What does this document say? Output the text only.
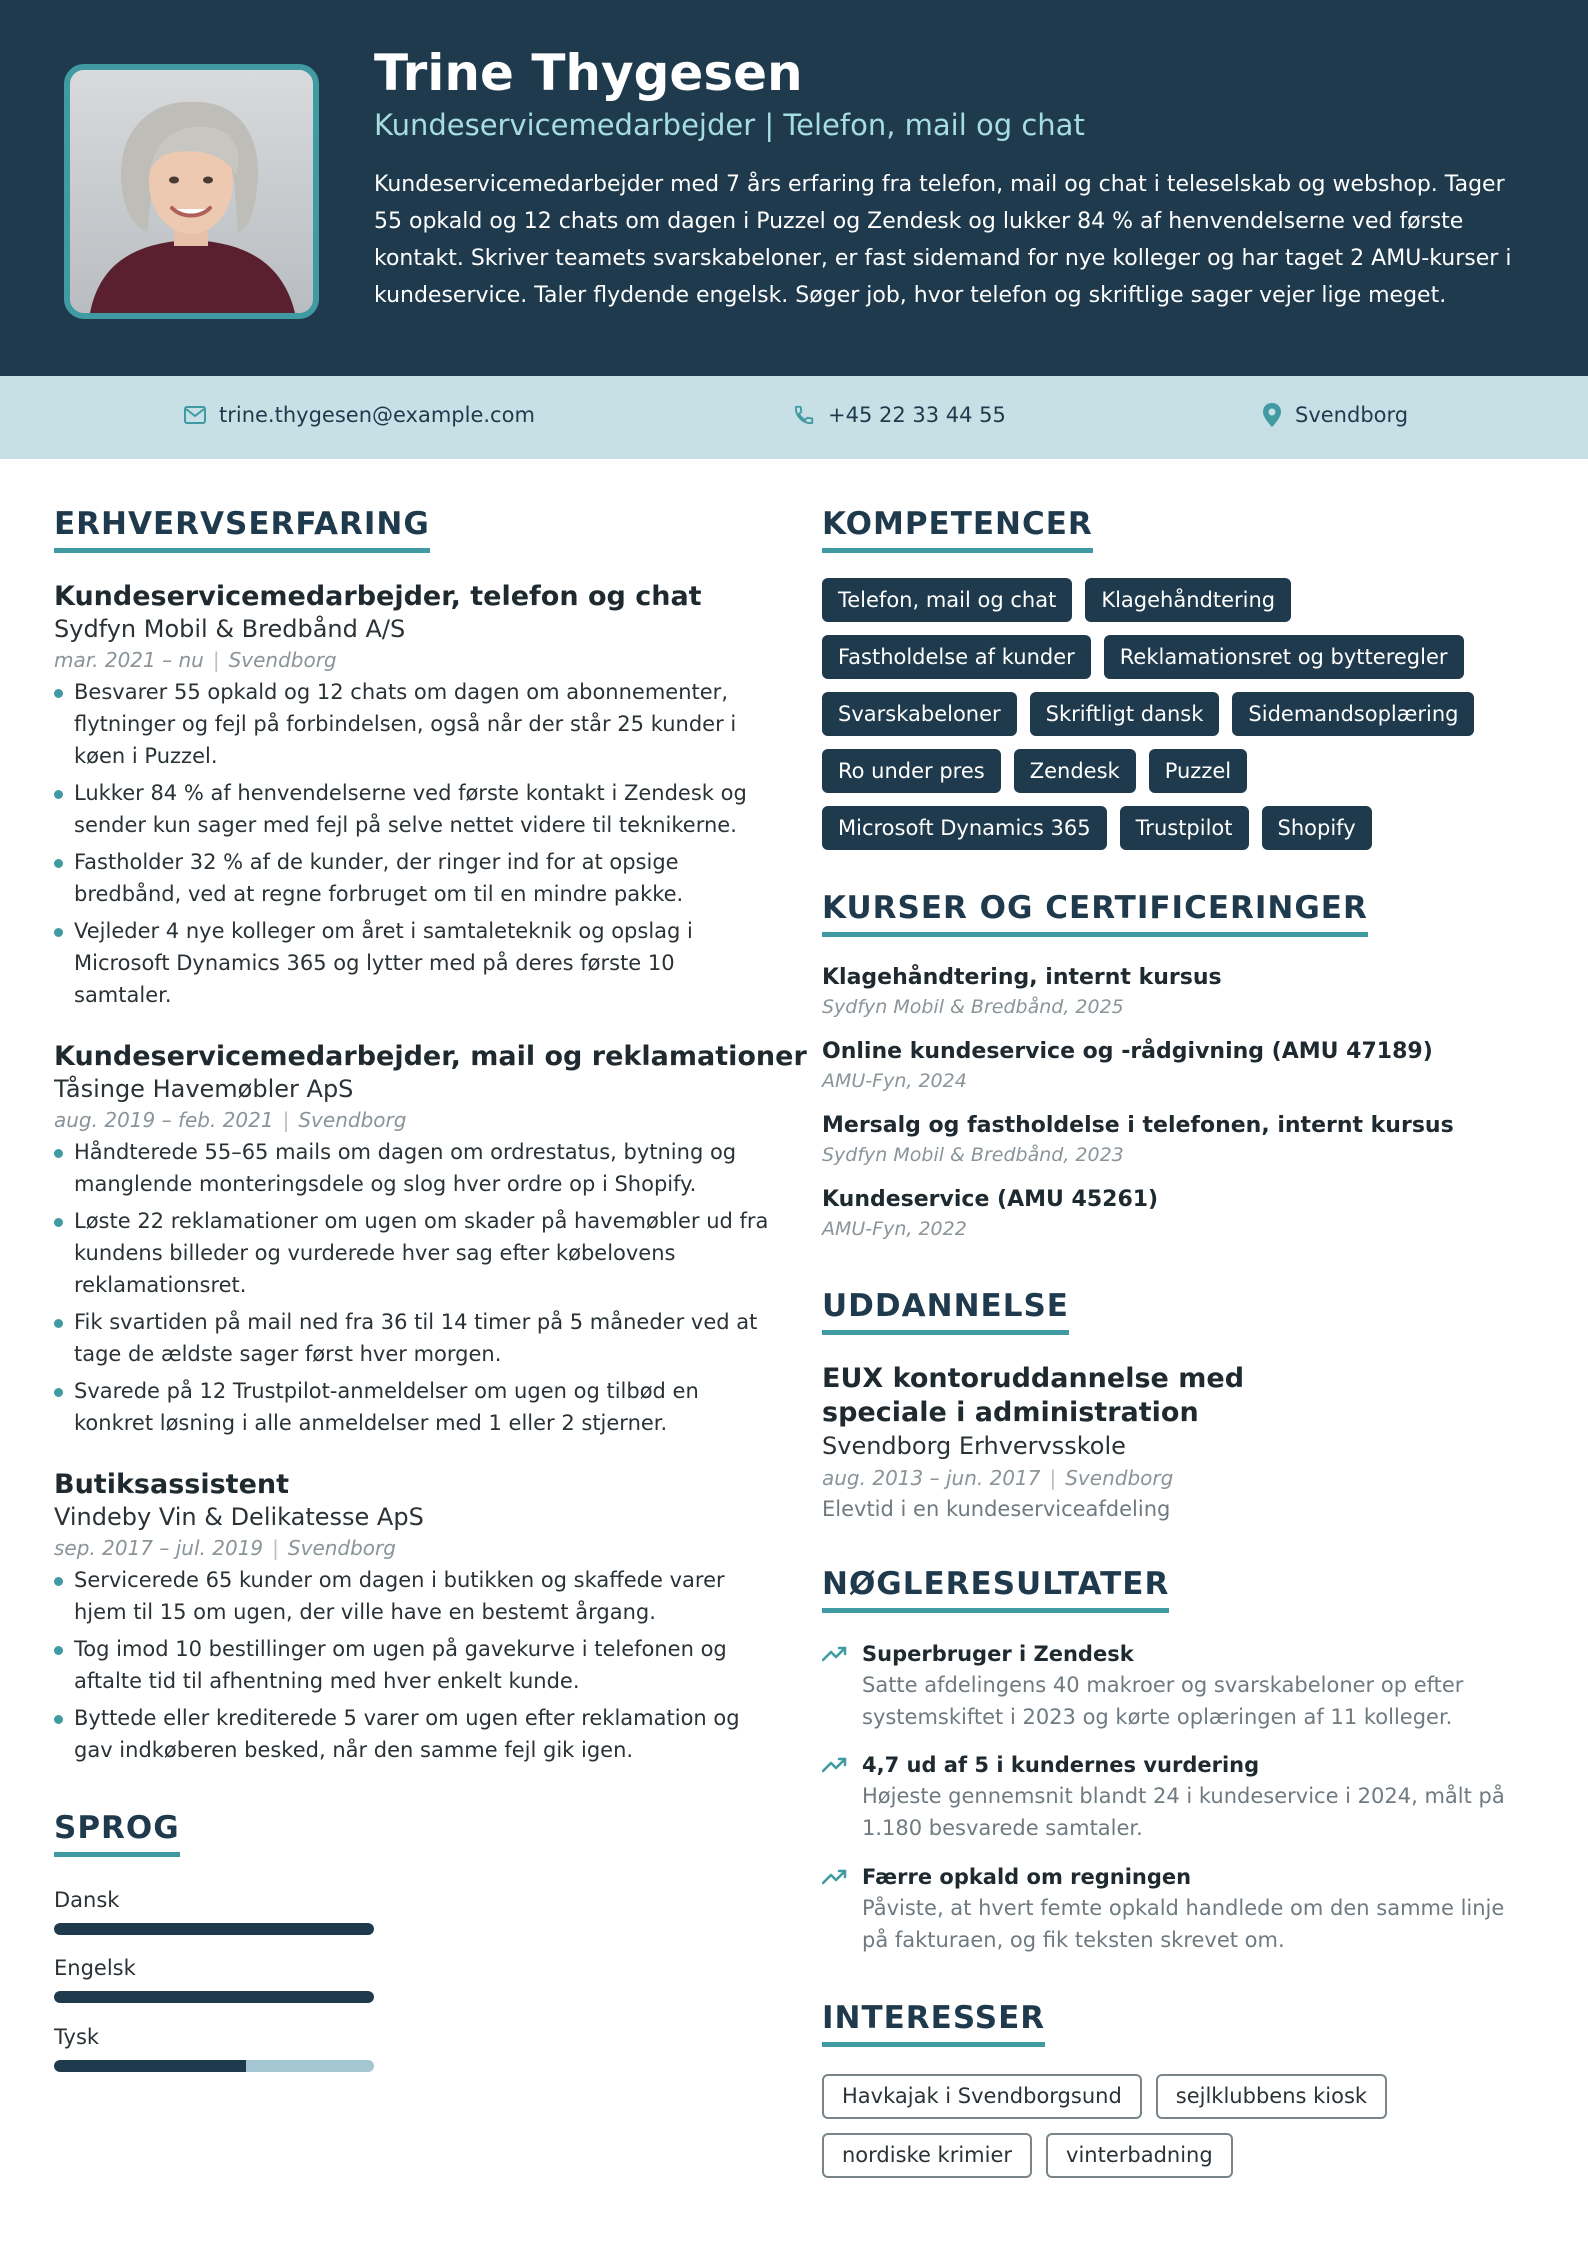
Trine Thygesen
Kundeservicemedarbejder | Telefon, mail og chat
Kundeservicemedarbejder med 7 års erfaring fra telefon, mail og chat i teleselskab og webshop. Tager 55 opkald og 12 chats om dagen i Puzzel og Zendesk og lukker 84 % af henvendelserne ved første kontakt. Skriver teamets svarskabeloner, er fast sidemand for nye kolleger og har taget 2 AMU-kurser i kundeservice. Taler flydende engelsk. Søger job, hvor telefon og skriftlige sager vejer lige meget.
trine.thygesen@example.com	+45 22 33 44 55	Svendborg
ERHVERVSERFARING
Kundeservicemedarbejder, telefon og chat
Sydfyn Mobil & Bredbånd A/S
mar. 2021 – nu | Svendborg
Besvarer 55 opkald og 12 chats om dagen om abonnementer, flytninger og fejl på forbindelsen, også når der står 25 kunder i køen i Puzzel.
Lukker 84 % af henvendelserne ved første kontakt i Zendesk og sender kun sager med fejl på selve nettet videre til teknikerne.
Fastholder 32 % af de kunder, der ringer ind for at opsige bredbånd, ved at regne forbruget om til en mindre pakke.
Vejleder 4 nye kolleger om året i samtaleteknik og opslag i Microsoft Dynamics 365 og lytter med på deres første 10 samtaler.
Kundeservicemedarbejder, mail og reklamationer
Tåsinge Havemøbler ApS
aug. 2019 – feb. 2021 | Svendborg
Håndterede 55–65 mails om dagen om ordrestatus, bytning og manglende monteringsdele og slog hver ordre op i Shopify.
Løste 22 reklamationer om ugen om skader på havemøbler ud fra kundens billeder og vurderede hver sag efter købelovens reklamationsret.
Fik svartiden på mail ned fra 36 til 14 timer på 5 måneder ved at tage de ældste sager først hver morgen.
Svarede på 12 Trustpilot-anmeldelser om ugen og tilbød en konkret løsning i alle anmeldelser med 1 eller 2 stjerner.
Butiksassistent
Vindeby Vin & Delikatesse ApS
sep. 2017 – jul. 2019 | Svendborg
Servicerede 65 kunder om dagen i butikken og skaffede varer hjem til 15 om ugen, der ville have en bestemt årgang.
Tog imod 10 bestillinger om ugen på gavekurve i telefonen og aftalte tid til afhentning med hver enkelt kunde.
Byttede eller krediterede 5 varer om ugen efter reklamation og gav indkøberen besked, når den samme fejl gik igen.
SPROG
Dansk
Engelsk
Tysk
KOMPETENCER
Telefon, mail og chat	Klagehåndtering
Fastholdelse af kunder	Reklamationsret og bytteregler
Svarskabeloner	Skriftligt dansk	Sidemandsoplæring
Ro under pres	Zendesk	Puzzel
Microsoft Dynamics 365	Trustpilot	Shopify
KURSER OG CERTIFICERINGER
Klagehåndtering, internt kursus
Sydfyn Mobil & Bredbånd, 2025
Online kundeservice og -rådgivning (AMU 47189)
AMU-Fyn, 2024
Mersalg og fastholdelse i telefonen, internt kursus
Sydfyn Mobil & Bredbånd, 2023
Kundeservice (AMU 45261)
AMU-Fyn, 2022
UDDANNELSE
EUX kontoruddannelse med speciale i administration
Svendborg Erhvervsskole
aug. 2013 – jun. 2017 | Svendborg
Elevtid i en kundeserviceafdeling
NØGLERESULTATER
Superbruger i Zendesk
Satte afdelingens 40 makroer og svarskabeloner op efter systemskiftet i 2023 og kørte oplæringen af 11 kolleger.
4,7 ud af 5 i kundernes vurdering
Højeste gennemsnit blandt 24 i kundeservice i 2024, målt på 1.180 besvarede samtaler.
Færre opkald om regningen
Påviste, at hvert femte opkald handlede om den samme linje på fakturaen, og fik teksten skrevet om.
INTERESSER
Havkajak i Svendborgsund	sejlklubbens kiosk
nordiske krimier	vinterbadning
